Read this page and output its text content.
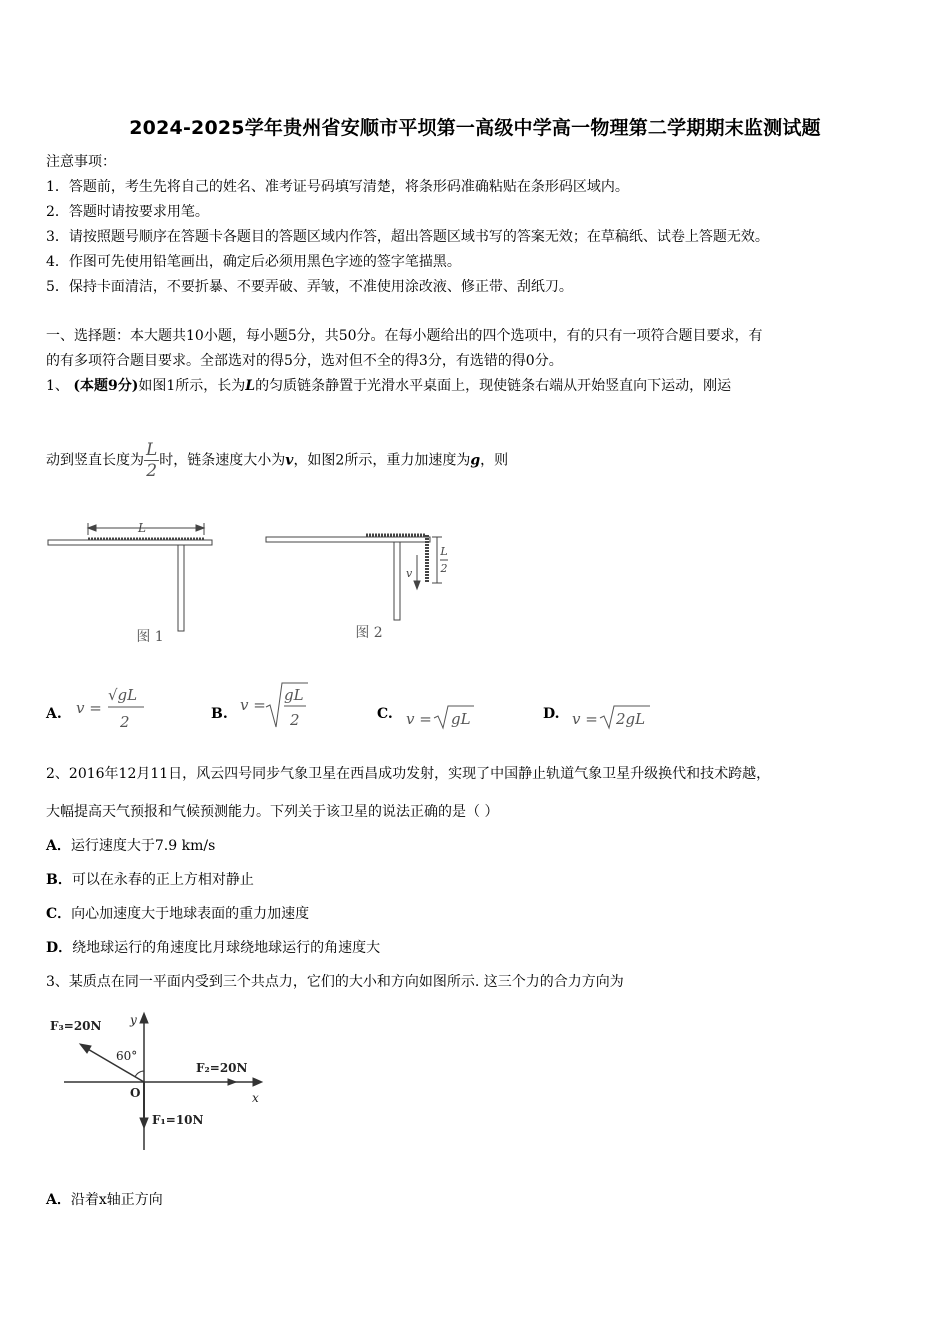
2024-2025学年贵州省安顺市平坝第一高级中学高一物理第二学期期末监测试题
注意事项：
1．答题前，考生先将自己的姓名、准考证号码填写清楚，将条形码准确粘贴在条形码区域内。
2．答题时请按要求用笔。
3．请按照题号顺序在答题卡各题目的答题区域内作答，超出答题区域书写的答案无效；在草稿纸、试卷上答题无效。
4．作图可先使用铅笔画出，确定后必须用黑色字迹的签字笔描黑。
5．保持卡面清洁，不要折暴、不要弄破、弄皱，不准使用涂改液、修正带、刮纸刀。
一、选择题：本大题共10小题，每小题5分，共50分。在每小题给出的四个选项中，有的只有一项符合题目要求，有
的有多项符合题目要求。全部选对的得5分，选对但不全的得3分，有选错的得0分。
1、 (本题9分)如图1所示，长为L的匀质链条静置于光滑水平桌面上，现使链条右端从开始竖直向下运动，刚运
动到竖直长度为 $\frac{L}{2}$ 时，链条速度大小为v，如图2所示，重力加速度为g，则
L
图 1
v
L
2
图 2
A. v =
√gL
2	B. v =
gL
2	C. v = gL	D. v = 2gL
2、2016年12月11日，风云四号同步气象卫星在西昌成功发射，实现了中国静止轨道气象卫星升级换代和技术跨越，
大幅提高天气预报和气候预测能力。下列关于该卫星的说法正确的是（ ）
A．运行速度大于7.9 km/s
B．可以在永春的正上方相对静止
C．向心加速度大于地球表面的重力加速度
D．绕地球运行的角速度比月球绕地球运行的角速度大
3、某质点在同一平面内受到三个共点力，它们的大小和方向如图所示. 这三个力的合力方向为
F₃=20N
60°
F₂=20N
F₁=10N
O	x
y
A．沿着x轴正方向
